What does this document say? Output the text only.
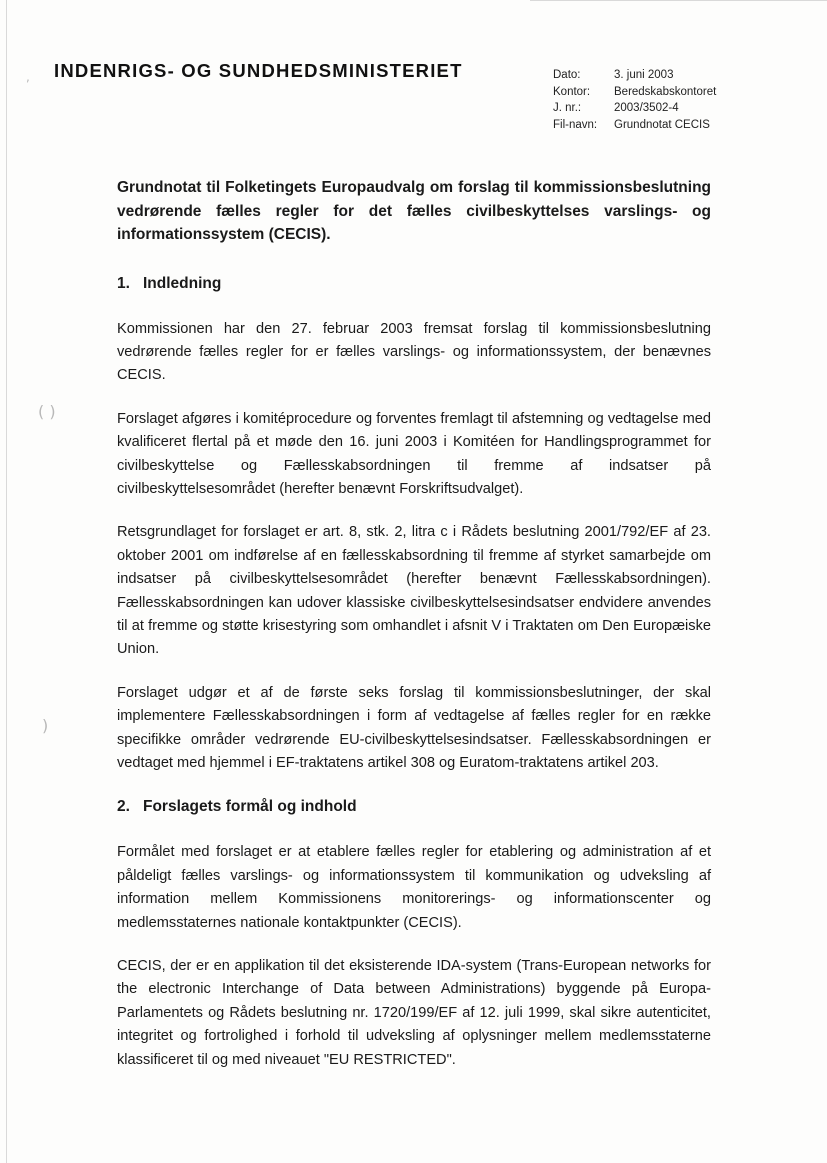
( )
)
, INDENRIGS- OG SUNDHEDSMINISTERIET	Dato:	3. juni 2003
Kontor:	Beredskabskontoret
J. nr.:	2003/3502-4
Fil-navn:	Grundnotat CECIS

Grundnotat til Folketingets Europaudvalg om forslag til kommissionsbeslutning vedrørende fælles regler for det fælles civilbeskyttelses varslings- og informationssystem (CECIS).

1. Indledning

Kommissionen har den 27. februar 2003 fremsat forslag til kommissionsbeslutning vedrørende fælles regler for er fælles varslings- og informationssystem, der benævnes CECIS.

Forslaget afgøres i komitéprocedure og forventes fremlagt til afstemning og vedtagelse med kvalificeret flertal på et møde den 16. juni 2003 i Komitéen for Handlingsprogrammet for civilbeskyttelse og Fællesskabsordningen til fremme af indsatser på civilbeskyttelsesområdet (herefter benævnt Forskriftsudvalget).

Retsgrundlaget for forslaget er art. 8, stk. 2, litra c i Rådets beslutning 2001/792/EF af 23. oktober 2001 om indførelse af en fællesskabsordning til fremme af styrket samarbejde om indsatser på civilbeskyttelsesområdet (herefter benævnt Fællesskabsordningen). Fællesskabsordningen kan udover klassiske civilbeskyttelsesindsatser endvidere anvendes til at fremme og støtte krisestyring som omhandlet i afsnit V i Traktaten om Den Europæiske Union.

Forslaget udgør et af de første seks forslag til kommissionsbeslutninger, der skal implementere Fællesskabsordningen i form af vedtagelse af fælles regler for en række specifikke områder vedrørende EU-civilbeskyttelsesindsatser. Fællesskabsordningen er vedtaget med hjemmel i EF-traktatens artikel 308 og Euratom-traktatens artikel 203.

2. Forslagets formål og indhold

Formålet med forslaget er at etablere fælles regler for etablering og administration af et påldeligt fælles varslings- og informationssystem til kommunikation og udveksling af information mellem Kommissionens monitorerings- og informationscenter og medlemsstaternes nationale kontaktpunkter (CECIS).

CECIS, der er en applikation til det eksisterende IDA-system (Trans-European networks for the electronic Interchange of Data between Administrations) byggende på Europa-Parlamentets og Rådets beslutning nr. 1720/199/EF af 12. juli 1999, skal sikre autenticitet, integritet og fortrolighed i forhold til udveksling af oplysninger mellem medlemsstaterne klassificeret til og med niveauet "EU RESTRICTED".
